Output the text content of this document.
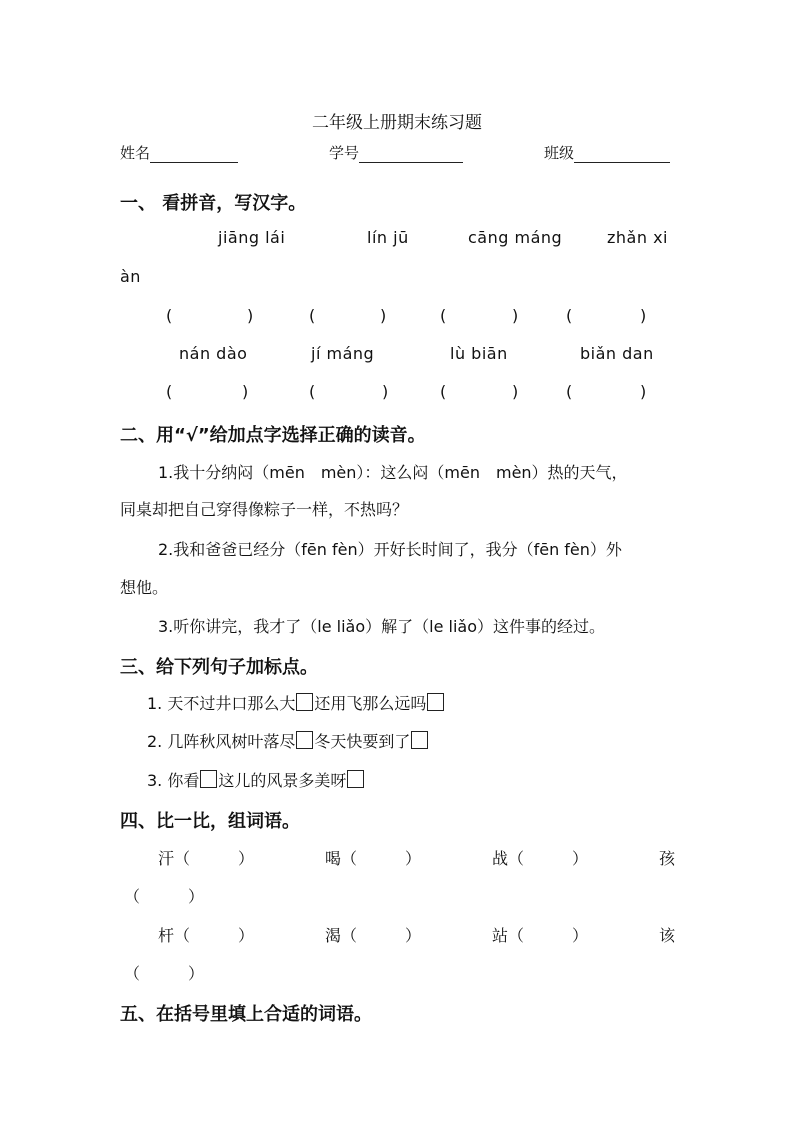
二年级上册期末练习题
姓名	学号	班级
一、 看拼音，写汉字。
jiāng lái	lín jū	cāng máng	zhǎn xi
àn
(	)	(	)	(	)	(	)
nán dào	jí máng	lù biān	biǎn dan
(	)	(	)	(	)	(	)
二、用“√”给加点字选择正确的读音。
1.我十分纳闷（mēn　mèn）：这么闷（mēn　mèn）热的天气，
同桌却把自己穿得像粽子一样，不热吗？
2.我和爸爸已经分（fēn fèn）开好长时间了，我分（fēn fèn）外
想他。
3.听你讲完，我才了（le liǎo）解了（le liǎo）这件事的经过。
三、给下列句子加标点。
1. 天不过井口那么大 还用飞那么远吗
2. 几阵秋风树叶落尽 冬天快要到了
3. 你看 这儿的风景多美呀
四、比一比，组词语。
汗（　　　）	喝（　　　）	战（　　　）	孩
（　　　）
杆（　　　）	渴（　　　）	站（　　　）	该
（　　　）
五、在括号里填上合适的词语。
